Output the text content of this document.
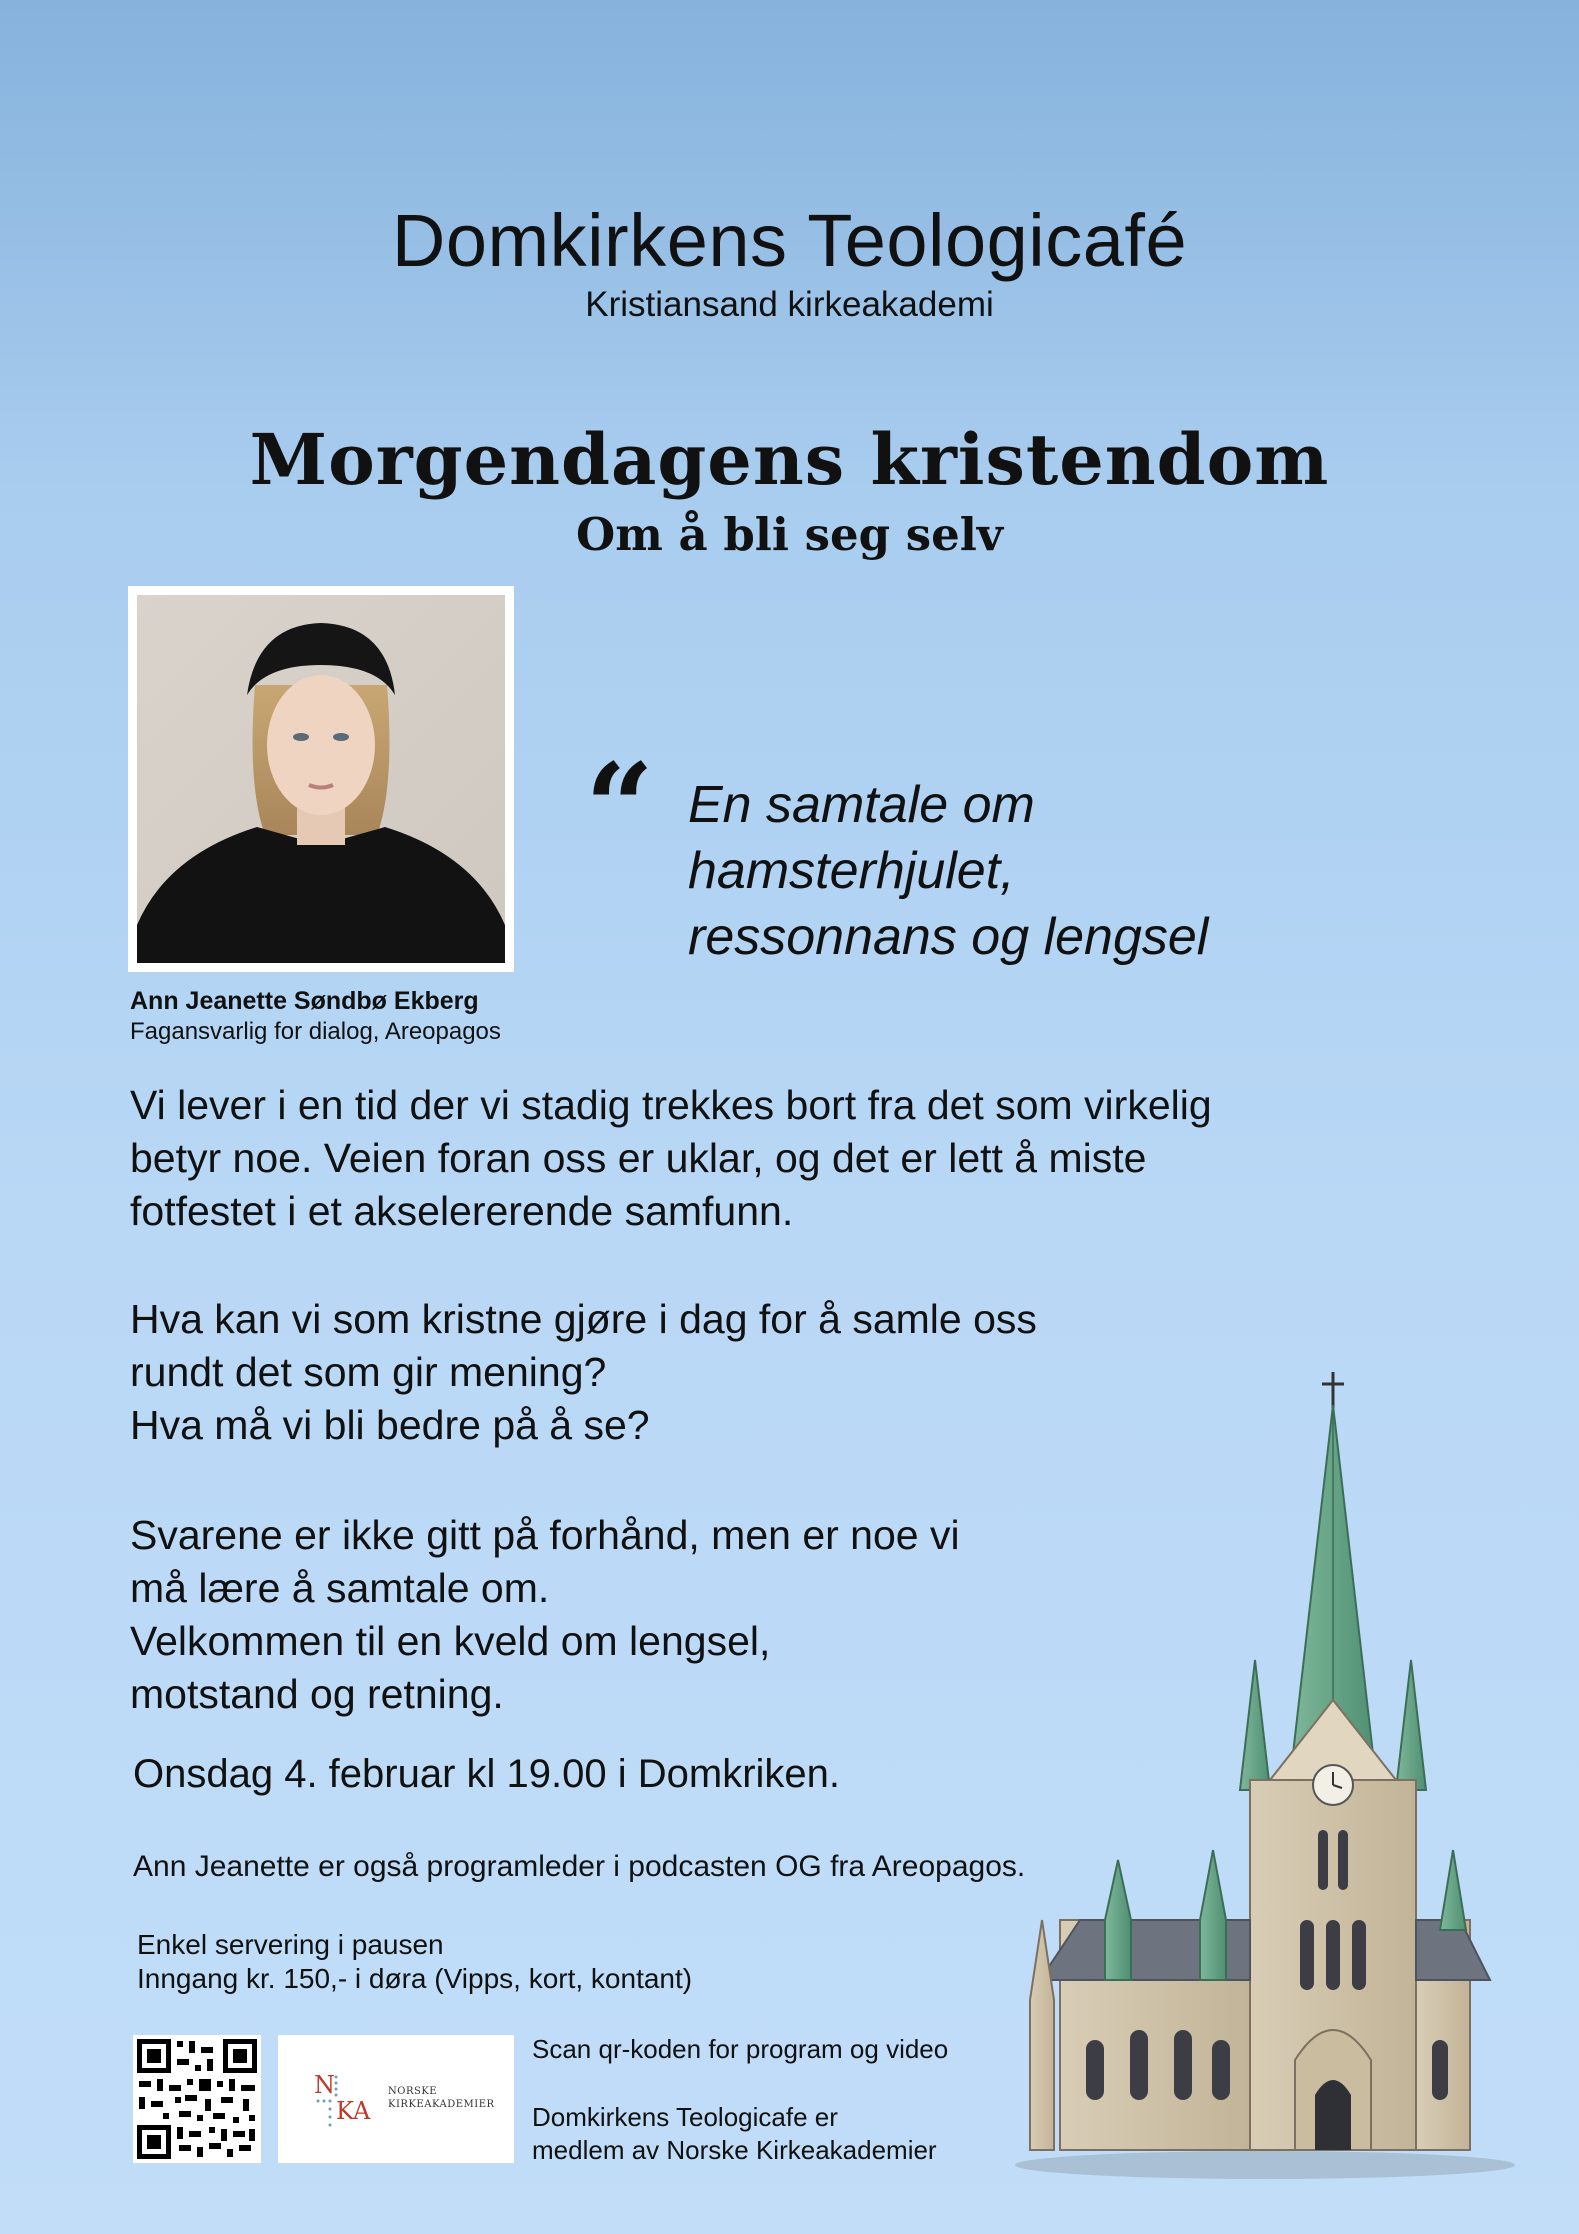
Domkirkens Teologicafé
Kristiansand kirkeakademi
Morgendagens kristendom
Om å bli seg selv
Ann Jeanette Søndbø Ekberg
Fagansvarlig for dialog, Areopagos
“ En samtale om
hamsterhjulet,
ressonnans og lengsel
Vi lever i en tid der vi stadig trekkes bort fra det som virkelig
betyr noe. Veien foran oss er uklar, og det er lett å miste
fotfestet i et akselererende samfunn.
Hva kan vi som kristne gjøre i dag for å samle oss
rundt det som gir mening?
Hva må vi bli bedre på å se?
Svarene er ikke gitt på forhånd, men er noe vi
må lære å samtale om.
Velkommen til en kveld om lengsel,
motstand og retning.
Onsdag 4. februar kl 19.00 i Domkriken.
Ann Jeanette er også programleder i podcasten OG fra Areopagos.
Enkel servering i pausen
Inngang kr. 150,- i døra (Vipps, kort, kontant)
N
KA
NORSKE
KIRKEAKADEMIER
Scan qr-koden for program og video
Domkirkens Teologicafe er
medlem av Norske Kirkeakademier
